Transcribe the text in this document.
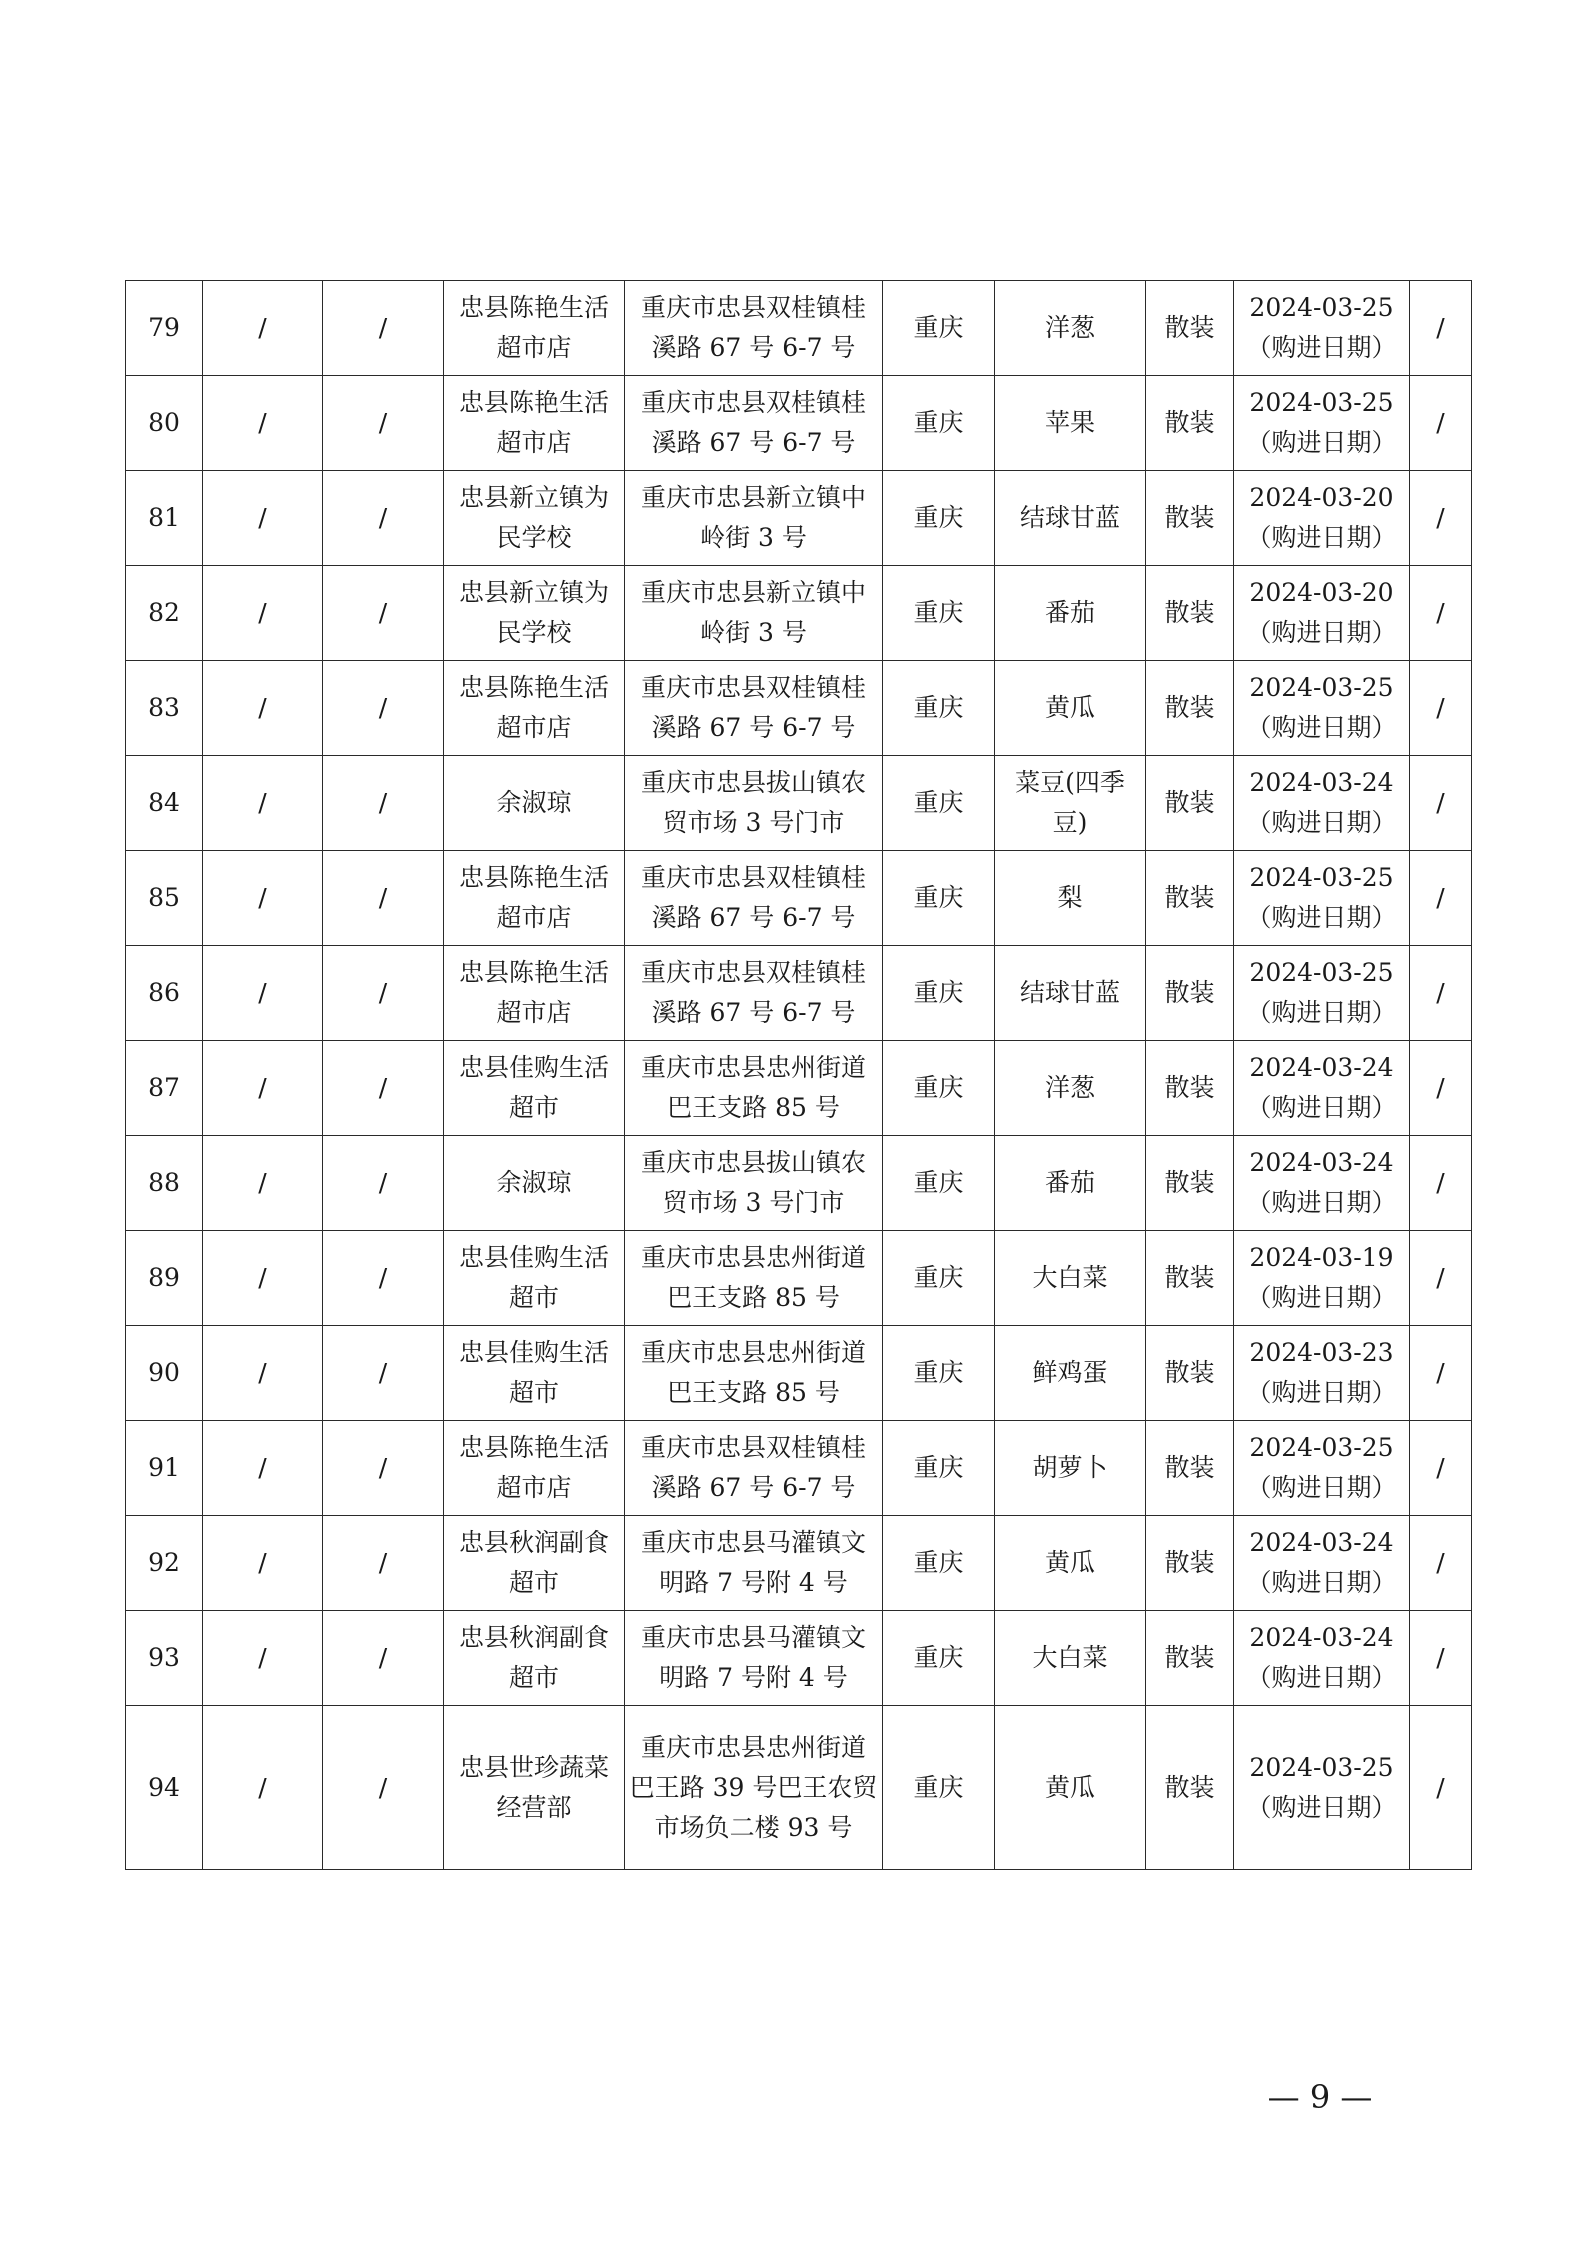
79	/	/	忠县陈艳生活超市店	重庆市忠县双桂镇桂溪路 67 号 6-7 号	重庆	洋葱	散装	2024-03-25（购进日期）	/
80	/	/	忠县陈艳生活超市店	重庆市忠县双桂镇桂溪路 67 号 6-7 号	重庆	苹果	散装	2024-03-25（购进日期）	/
81	/	/	忠县新立镇为民学校	重庆市忠县新立镇中岭街 3 号	重庆	结球甘蓝	散装	2024-03-20（购进日期）	/
82	/	/	忠县新立镇为民学校	重庆市忠县新立镇中岭街 3 号	重庆	番茄	散装	2024-03-20（购进日期）	/
83	/	/	忠县陈艳生活超市店	重庆市忠县双桂镇桂溪路 67 号 6-7 号	重庆	黄瓜	散装	2024-03-25（购进日期）	/
84	/	/	余淑琼	重庆市忠县拔山镇农贸市场 3 号门市	重庆	菜豆(四季豆)	散装	2024-03-24（购进日期）	/
85	/	/	忠县陈艳生活超市店	重庆市忠县双桂镇桂溪路 67 号 6-7 号	重庆	梨	散装	2024-03-25（购进日期）	/
86	/	/	忠县陈艳生活超市店	重庆市忠县双桂镇桂溪路 67 号 6-7 号	重庆	结球甘蓝	散装	2024-03-25（购进日期）	/
87	/	/	忠县佳购生活超市	重庆市忠县忠州街道巴王支路 85 号	重庆	洋葱	散装	2024-03-24（购进日期）	/
88	/	/	余淑琼	重庆市忠县拔山镇农贸市场 3 号门市	重庆	番茄	散装	2024-03-24（购进日期）	/
89	/	/	忠县佳购生活超市	重庆市忠县忠州街道巴王支路 85 号	重庆	大白菜	散装	2024-03-19（购进日期）	/
90	/	/	忠县佳购生活超市	重庆市忠县忠州街道巴王支路 85 号	重庆	鲜鸡蛋	散装	2024-03-23（购进日期）	/
91	/	/	忠县陈艳生活超市店	重庆市忠县双桂镇桂溪路 67 号 6-7 号	重庆	胡萝卜	散装	2024-03-25（购进日期）	/
92	/	/	忠县秋润副食超市	重庆市忠县马灌镇文明路 7 号附 4 号	重庆	黄瓜	散装	2024-03-24（购进日期）	/
93	/	/	忠县秋润副食超市	重庆市忠县马灌镇文明路 7 号附 4 号	重庆	大白菜	散装	2024-03-24（购进日期）	/
94	/	/	忠县世珍蔬菜经营部	重庆市忠县忠州街道巴王路 39 号巴王农贸市场负二楼 93 号	重庆	黄瓜	散装	2024-03-25（购进日期）	/
— 9 —
